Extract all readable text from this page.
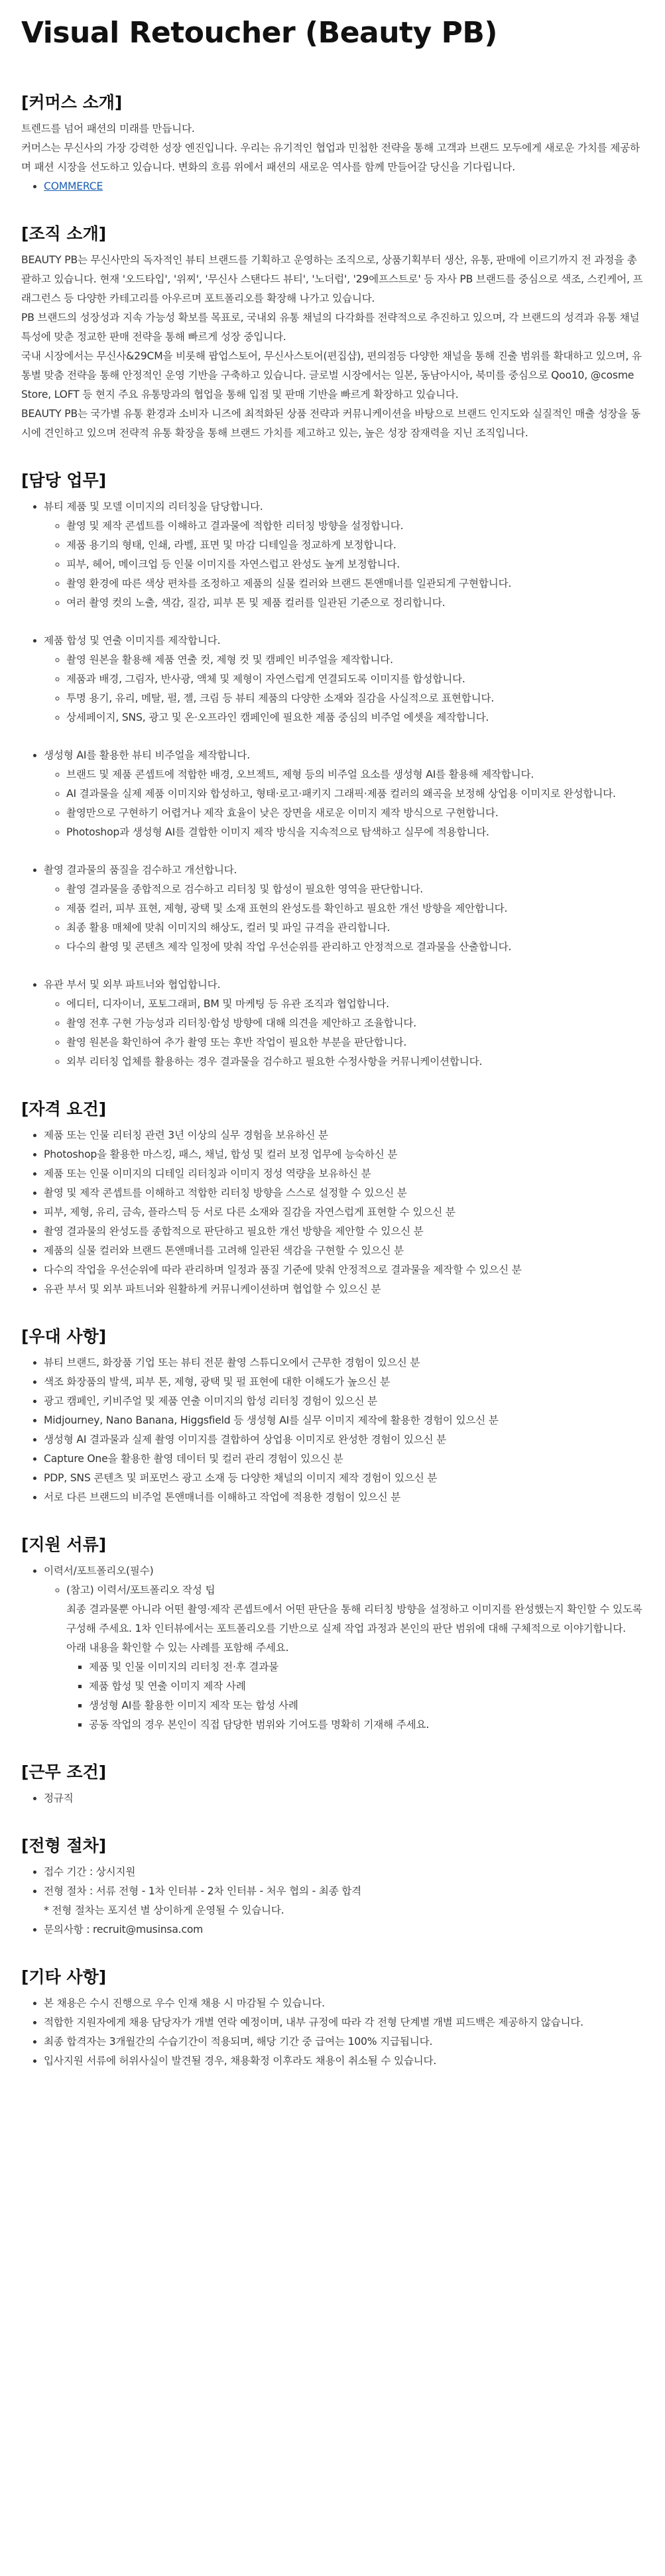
Visual Retoucher (Beauty PB)
[커머스 소개]

트렌드를 넘어 패션의 미래를 만듭니다.

커머스는 무신사의 가장 강력한 성장 엔진입니다. 우리는 유기적인 협업과 민첩한 전략을 통해 고객과 브랜드 모두에게 새로운 가치를 제공하며 패션 시장을 선도하고 있습니다. 변화의 흐름 위에서 패션의 새로운 역사를 함께 만들어갈 당신을 기다립니다.

• COMMERCE
[조직 소개]

BEAUTY PB는 무신사만의 독자적인 뷰티 브랜드를 기획하고 운영하는 조직으로, 상품기획부터 생산, 유통, 판매에 이르기까지 전 과정을 총괄하고 있습니다. 현재 '오드타입', '위찌', '무신사 스탠다드 뷰티', '노더럽', '29에프스트로' 등 자사 PB 브랜드를 중심으로 색조, 스킨케어, 프래그런스 등 다양한 카테고리를 아우르며 포트폴리오를 확장해 나가고 있습니다.

PB 브랜드의 성장성과 지속 가능성 확보를 목표로, 국내외 유통 채널의 다각화를 전략적으로 추진하고 있으며, 각 브랜드의 성격과 유통 채널 특성에 맞춘 정교한 판매 전략을 통해 빠르게 성장 중입니다.

국내 시장에서는 무신사&29CM을 비롯해 팝업스토어, 무신사스토어(편집샵), 편의점등 다양한 채널을 통해 진출 범위를 확대하고 있으며, 유통별 맞춤 전략을 통해 안정적인 운영 기반을 구축하고 있습니다. 글로벌 시장에서는 일본, 동남아시아, 북미를 중심으로 Qoo10, @cosme Store, LOFT 등 현지 주요 유통망과의 협업을 통해 입점 및 판매 기반을 빠르게 확장하고 있습니다.

BEAUTY PB는 국가별 유통 환경과 소비자 니즈에 최적화된 상품 전략과 커뮤니케이션을 바탕으로 브랜드 인지도와 실질적인 매출 성장을 동시에 견인하고 있으며 전략적 유통 확장을 통해 브랜드 가치를 제고하고 있는, 높은 성장 잠재력을 지닌 조직입니다.

[담당 업무]
• 뷰티 제품 및 모델 이미지의 리터칭을 담당합니다.
◦ 촬영 및 제작 콘셉트를 이해하고 결과물에 적합한 리터칭 방향을 설정합니다.
◦ 제품 용기의 형태, 인쇄, 라벨, 표면 및 마감 디테일을 정교하게 보정합니다.
◦ 피부, 헤어, 메이크업 등 인물 이미지를 자연스럽고 완성도 높게 보정합니다.
◦ 촬영 환경에 따른 색상 편차를 조정하고 제품의 실물 컬러와 브랜드 톤앤매너를 일관되게 구현합니다.
◦ 여러 촬영 컷의 노출, 색감, 질감, 피부 톤 및 제품 컬러를 일관된 기준으로 정리합니다.
• 제품 합성 및 연출 이미지를 제작합니다.
◦ 촬영 원본을 활용해 제품 연출 컷, 제형 컷 및 캠페인 비주얼을 제작합니다.
◦ 제품과 배경, 그림자, 반사광, 액체 및 제형이 자연스럽게 연결되도록 이미지를 합성합니다.
◦ 투명 용기, 유리, 메탈, 펄, 젤, 크림 등 뷰티 제품의 다양한 소재와 질감을 사실적으로 표현합니다.
◦ 상세페이지, SNS, 광고 및 온·오프라인 캠페인에 필요한 제품 중심의 비주얼 에셋을 제작합니다.
• 생성형 AI를 활용한 뷰티 비주얼을 제작합니다.
◦ 브랜드 및 제품 콘셉트에 적합한 배경, 오브젝트, 제형 등의 비주얼 요소를 생성형 AI를 활용해 제작합니다.
◦ AI 결과물을 실제 제품 이미지와 합성하고, 형태·로고·패키지 그래픽·제품 컬러의 왜곡을 보정해 상업용 이미지로 완성합니다.
◦ 촬영만으로 구현하기 어렵거나 제작 효율이 낮은 장면을 새로운 이미지 제작 방식으로 구현합니다.
◦ Photoshop과 생성형 AI를 결합한 이미지 제작 방식을 지속적으로 탐색하고 실무에 적용합니다.
• 촬영 결과물의 품질을 검수하고 개선합니다.
◦ 촬영 결과물을 종합적으로 검수하고 리터칭 및 합성이 필요한 영역을 판단합니다.
◦ 제품 컬러, 피부 표현, 제형, 광택 및 소재 표현의 완성도를 확인하고 필요한 개선 방향을 제안합니다.
◦ 최종 활용 매체에 맞춰 이미지의 해상도, 컬러 및 파일 규격을 관리합니다.
◦ 다수의 촬영 및 콘텐츠 제작 일정에 맞춰 작업 우선순위를 관리하고 안정적으로 결과물을 산출합니다.
• 유관 부서 및 외부 파트너와 협업합니다.
◦ 에디터, 디자이너, 포토그래퍼, BM 및 마케팅 등 유관 조직과 협업합니다.
◦ 촬영 전후 구현 가능성과 리터칭·합성 방향에 대해 의견을 제안하고 조율합니다.
◦ 촬영 원본을 확인하여 추가 촬영 또는 후반 작업이 필요한 부분을 판단합니다.
◦ 외부 리터칭 업체를 활용하는 경우 결과물을 검수하고 필요한 수정사항을 커뮤니케이션합니다.
[자격 요건]
• 제품 또는 인물 리터칭 관련 3년 이상의 실무 경험을 보유하신 분
• Photoshop을 활용한 마스킹, 패스, 채널, 합성 및 컬러 보정 업무에 능숙하신 분
• 제품 또는 인물 이미지의 디테일 리터칭과 이미지 정성 역량을 보유하신 분
• 촬영 및 제작 콘셉트를 이해하고 적합한 리터칭 방향을 스스로 설정할 수 있으신 분
• 피부, 제형, 유리, 금속, 플라스틱 등 서로 다른 소재와 질감을 자연스럽게 표현할 수 있으신 분
• 촬영 결과물의 완성도를 종합적으로 판단하고 필요한 개선 방향을 제안할 수 있으신 분
• 제품의 실물 컬러와 브랜드 톤앤매너를 고려해 일관된 색감을 구현할 수 있으신 분
• 다수의 작업을 우선순위에 따라 관리하며 일정과 품질 기준에 맞춰 안정적으로 결과물을 제작할 수 있으신 분
• 유관 부서 및 외부 파트너와 원활하게 커뮤니케이션하며 협업할 수 있으신 분
[우대 사항]
• 뷰티 브랜드, 화장품 기업 또는 뷰티 전문 촬영 스튜디오에서 근무한 경험이 있으신 분
• 색조 화장품의 발색, 피부 톤, 제형, 광택 및 펄 표현에 대한 이해도가 높으신 분
• 광고 캠페인, 키비주얼 및 제품 연출 이미지의 합성 리터칭 경험이 있으신 분
• Midjourney, Nano Banana, Higgsfield 등 생성형 AI를 실무 이미지 제작에 활용한 경험이 있으신 분
• 생성형 AI 결과물과 실제 촬영 이미지를 결합하여 상업용 이미지로 완성한 경험이 있으신 분
• Capture One을 활용한 촬영 데이터 및 컬러 관리 경험이 있으신 분
• PDP, SNS 콘텐츠 및 퍼포먼스 광고 소재 등 다양한 채널의 이미지 제작 경험이 있으신 분
• 서로 다른 브랜드의 비주얼 톤앤매너를 이해하고 작업에 적용한 경험이 있으신 분
[지원 서류]
• 이력서/포트폴리오(필수)
◦ (참고) 이력서/포트폴리오 작성 팁
최종 결과물뿐 아니라 어떤 촬영·제작 콘셉트에서 어떤 판단을 통해 리터칭 방향을 설정하고 이미지를 완성했는지 확인할 수 있도록 구성해 주세요. 1차 인터뷰에서는 포트폴리오를 기반으로 실제 작업 과정과 본인의 판단 범위에 대해 구체적으로 이야기합니다.
아래 내용을 확인할 수 있는 사례를 포함해 주세요.
▪ 제품 및 인물 이미지의 리터칭 전·후 결과물
▪ 제품 합성 및 연출 이미지 제작 사례
▪ 생성형 AI를 활용한 이미지 제작 또는 합성 사례
▪ 공동 작업의 경우 본인이 직접 담당한 범위와 기여도를 명확히 기재해 주세요.
[근무 조건]
• 정규직
[전형 절차]
• 접수 기간 : 상시지원
• 전형 절차 : 서류 전형 - 1차 인터뷰 - 2차 인터뷰 - 처우 협의 - 최종 합격
* 전형 절차는 포지션 별 상이하게 운영될 수 있습니다.
• 문의사항 : recruit@musinsa.com
[기타 사항]
• 본 채용은 수시 진행으로 우수 인재 채용 시 마감될 수 있습니다.
• 적합한 지원자에게 채용 담당자가 개별 연락 예정이며, 내부 규정에 따라 각 전형 단계별 개별 피드백은 제공하지 않습니다.
• 최종 합격자는 3개월간의 수습기간이 적용되며, 해당 기간 중 급여는 100% 지급됩니다.
• 입사지원 서류에 허위사실이 발견될 경우, 채용확정 이후라도 채용이 취소될 수 있습니다.
